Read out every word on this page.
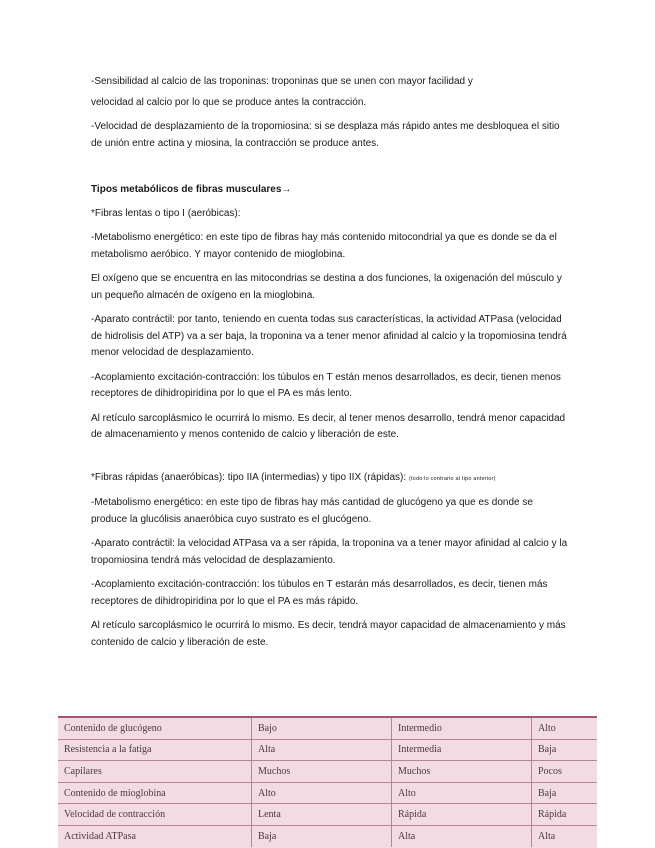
-Sensibilidad al calcio de las troponinas: troponinas que se unen con mayor facilidad y

velocidad al calcio por lo que se produce antes la contracción.

-Velocidad de desplazamiento de la tropomiosina: si se desplaza más rápido antes me desbloquea el sitio de unión entre actina y miosina, la contracción se produce antes.

Tipos metabólicos de fibras musculares→

*Fibras lentas o tipo I (aeróbicas):

-Metabolismo energético: en este tipo de fibras hay más contenido mitocondrial ya que es donde se da el metabolismo aeróbico. Y mayor contenido de mioglobina.

El oxígeno que se encuentra en las mitocondrias se destina a dos funciones, la oxigenación del músculo y un pequeño almacén de oxígeno en la mioglobina.

-Aparato contráctil: por tanto, teniendo en cuenta todas sus características, la actividad ATPasa (velocidad de hidrolisis del ATP) va a ser baja, la troponina va a tener menor afinidad al calcio y la tropomiosina tendrá menor velocidad de desplazamiento.

-Acoplamiento excitación-contracción: los túbulos en T están menos desarrollados, es decir, tienen menos receptores de dihidropiridina por lo que el PA es más lento.

Al retículo sarcoplásmico le ocurrirá lo mismo. Es decir, al tener menos desarrollo, tendrá menor capacidad de almacenamiento y menos contenido de calcio y liberación de este.

*Fibras rápidas (anaeróbicas): tipo IIA (intermedias) y tipo IIX (rápidas): (todo lo contrario al tipo anterior)

-Metabolismo energético: en este tipo de fibras hay más cantidad de glucógeno ya que es donde se produce la glucólisis anaeróbica cuyo sustrato es el glucógeno.

-Aparato contráctil: la velocidad ATPasa va a ser rápida, la troponina va a tener mayor afinidad al calcio y la tropomiosina tendrá más velocidad de desplazamiento.

-Acoplamiento excitación-contracción: los túbulos en T estarán más desarrollados, es decir, tienen más receptores de dihidropiridina por lo que el PA es más rápido.

Al retículo sarcoplásmico le ocurrirá lo mismo. Es decir, tendrá mayor capacidad de almacenamiento y más contenido de calcio y liberación de este.

Contenido de glucógeno	Bajo	Intermedio	Alto
Resistencia a la fatiga	Alta	Intermedia	Baja
Capilares	Muchos	Muchos	Pocos
Contenido de mioglobina	Alto	Alto	Baja
Velocidad de contracción	Lenta	Rápida	Rápida
Actividad ATPasa	Baja	Alta	Alta
